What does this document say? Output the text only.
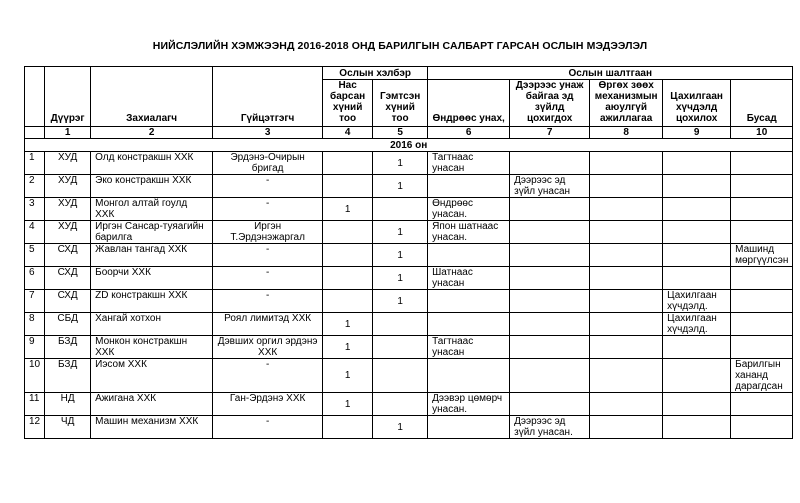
НИЙСЛЭЛИЙН ХЭМЖЭЭНД 2016-2018 ОНД БАРИЛГЫН САЛБАРТ ГАРСАН ОСЛЫН МЭДЭЭЛЭЛ
	Дүүрэг	Захиалагч	Гүйцэтгэгч	Ослын хэлбэр		Ослын шалтгаан				
				Нас барсан хүний тоо	Гэмтсэн хүний тоо	Өндрөөс унах,	Дээрээс унаж байгаа эд зүйлд цохигдох	Өргөх зөөх механизмын аюулгүй ажиллагаа	Цахилгаан хүчдэлд цохилох	Бусад
	1	2	3	4	5	6	7	8	9	10
2016 он										
1	ХУД	Олд констракшн ХХК	Эрдэнэ-Очирын бригад		1	Тагтнаас унасан				
2	ХУД	Эко констракшн ХХК	-		1		Дээрээс эд зүйл унасан			
3	ХУД	Монгол алтай гоулд ХХК	-	1		Өндрөөс унасан.				
4	ХУД	Иргэн Сансар-туяагийн барилга	Иргэн Т.Эрдэнэжаргал		1	Япон шатнаас унасан.				
5	СХД	Жавлан тангад ХХК	-		1					Машинд мөргүүлсэн
6	СХД	Боорчи ХХК	-		1	Шатнаас унасан				
7	СХД	ZD констракшн ХХК	-		1				Цахилгаан хүчдэлд.	
8	СБД	Хангай хотхон	Роял лимитэд ХХК	1					Цахилгаан хүчдэлд.	
9	БЗД	Монкон констракшн ХХК	Дэвших оргил эрдэнэ ХХК	1		Тагтнаас унасан				
10	БЗД	Иэсом ХХК	-	1						Барилгын хананд дарагдсан
11	НД	Ажигана ХХК	Ган-Эрдэнэ ХХК	1		Дээвэр цөмөрч унасан.				
12	ЧД	Машин механизм ХХК	-		1		Дээрээс эд зүйл унасан.			
